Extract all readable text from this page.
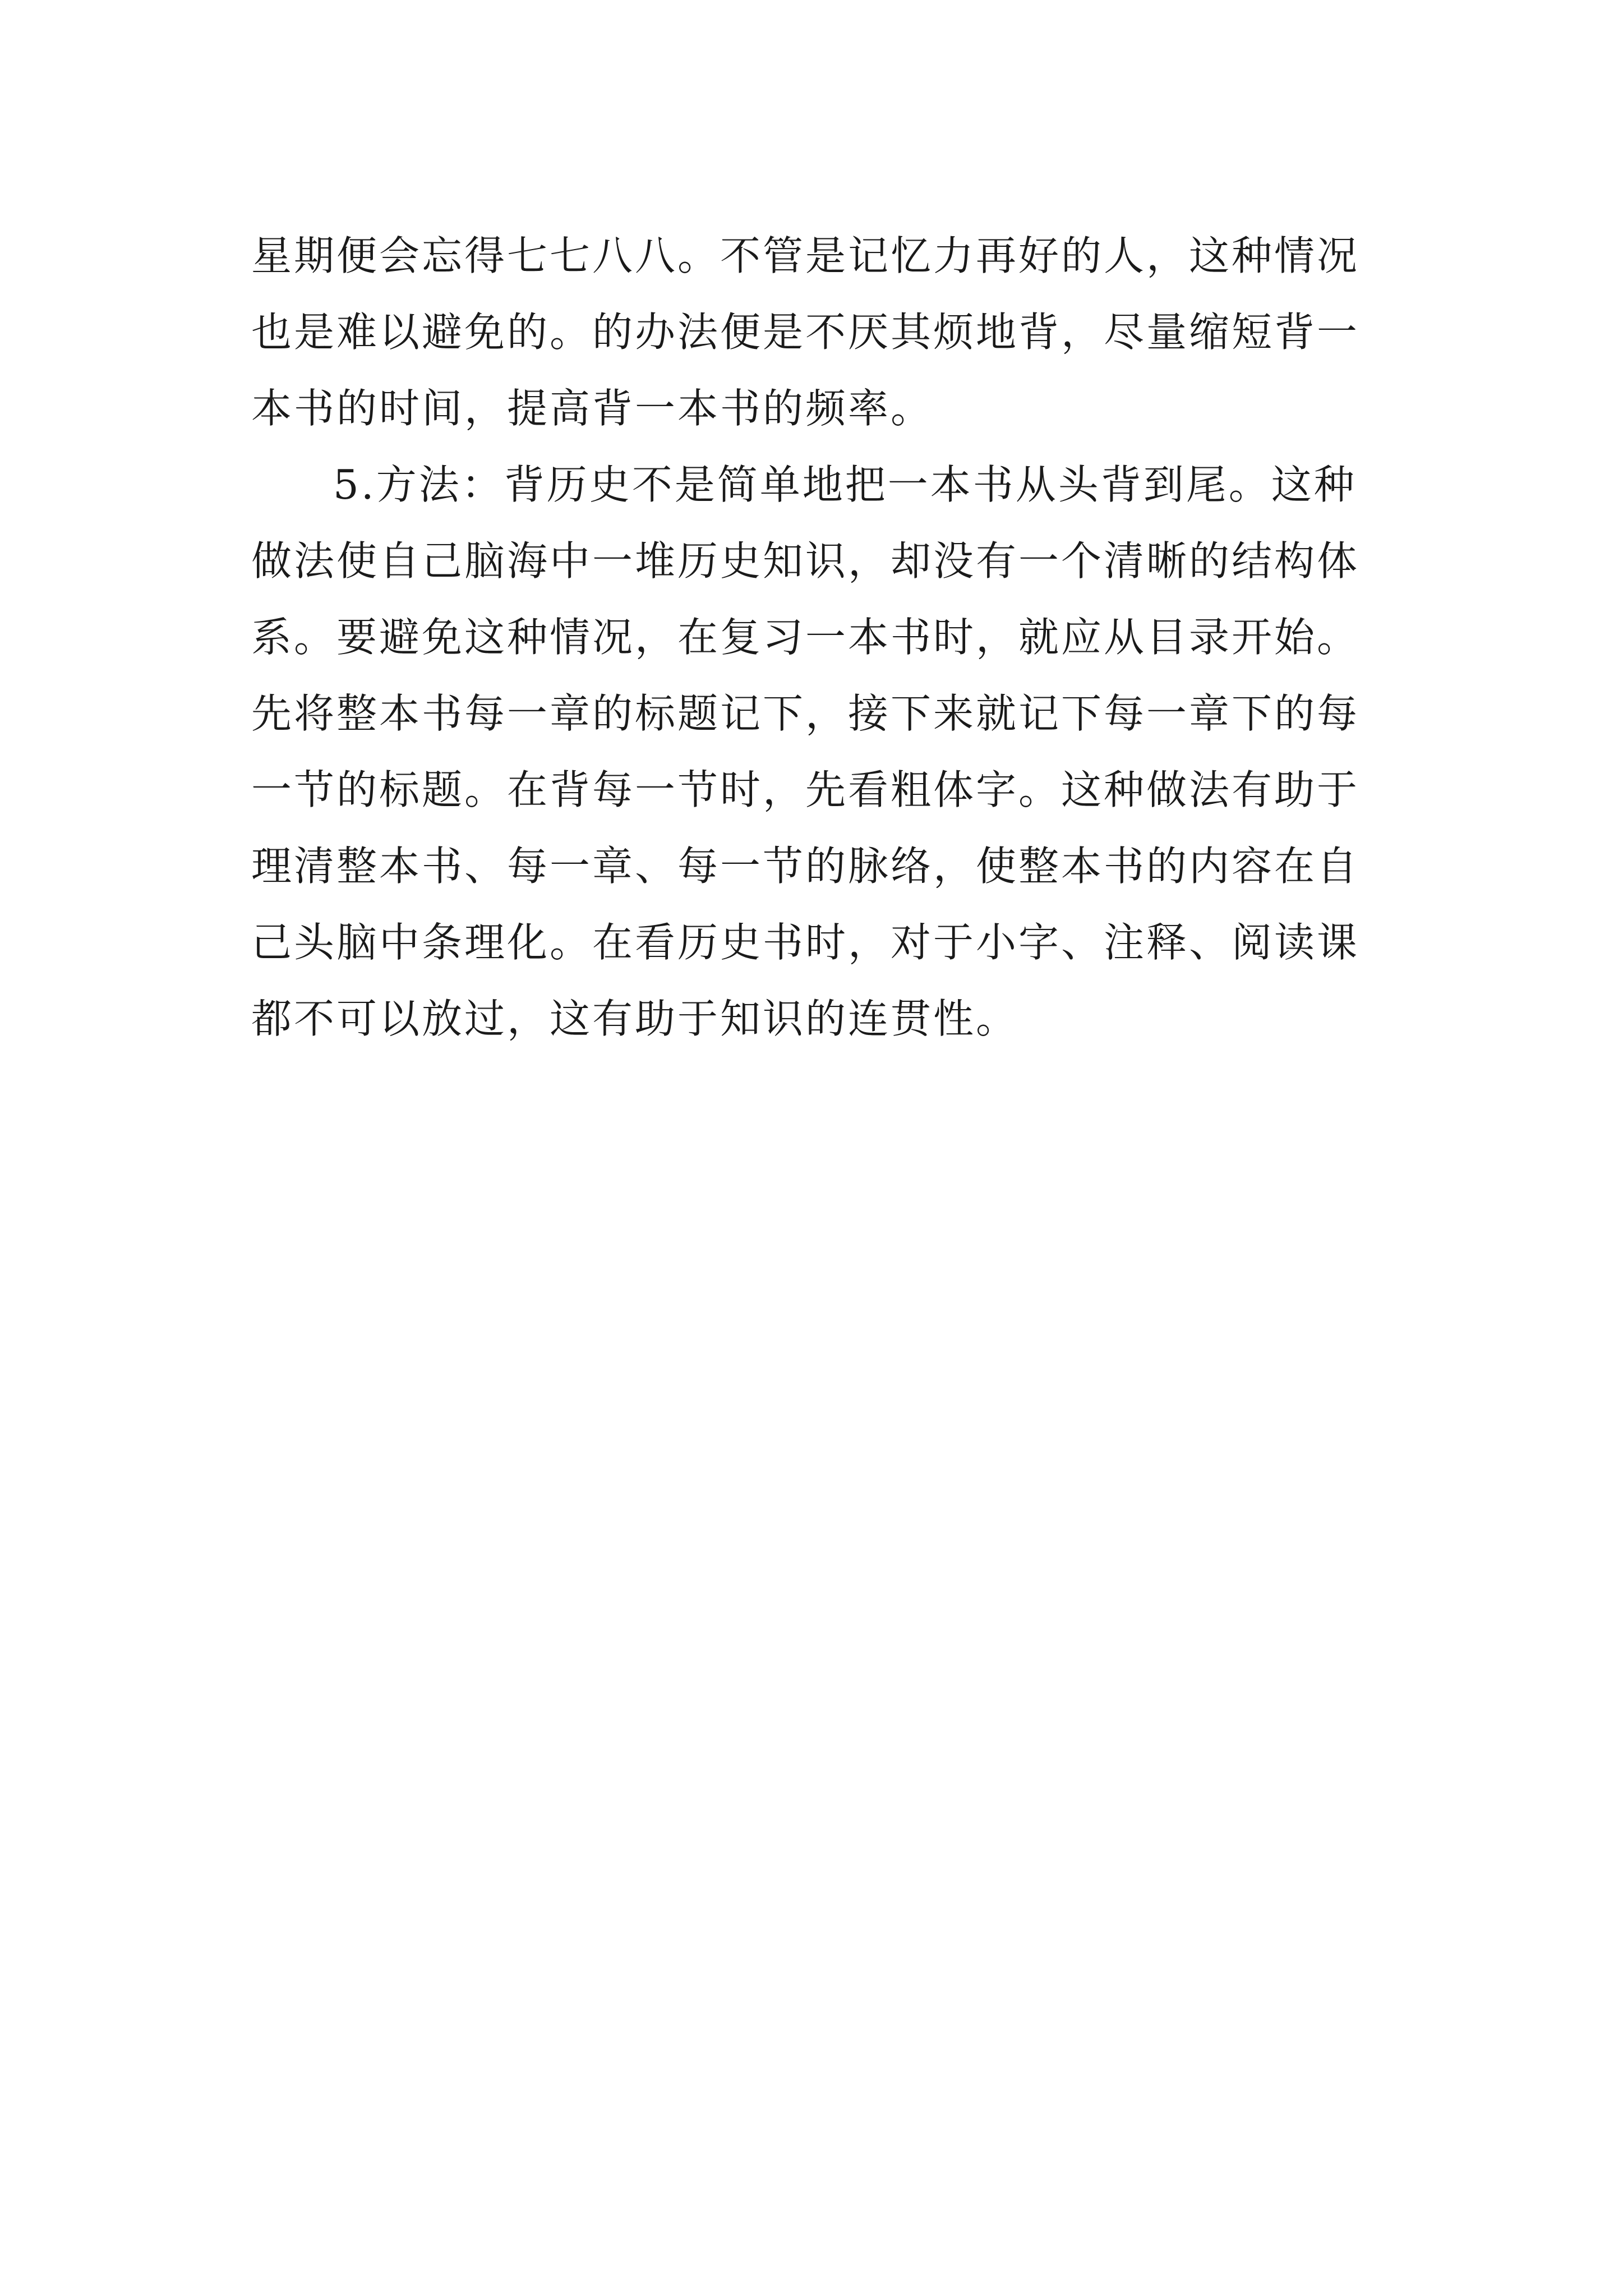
星期便会忘得七七八八。不管是记忆力再好的人，这种情况
也是难以避免的。的办法便是不厌其烦地背，尽量缩短背一
本书的时间，提高背一本书的频率。
5.方法：背历史不是简单地把一本书从头背到尾。这种
做法使自己脑海中一堆历史知识，却没有一个清晰的结构体
系。要避免这种情况，在复习一本书时，就应从目录开始。
先将整本书每一章的标题记下，接下来就记下每一章下的每
一节的标题。在背每一节时，先看粗体字。这种做法有助于
理清整本书、每一章、每一节的脉络，使整本书的内容在自
己头脑中条理化。在看历史书时，对于小字、注释、阅读课
都不可以放过，这有助于知识的连贯性。
